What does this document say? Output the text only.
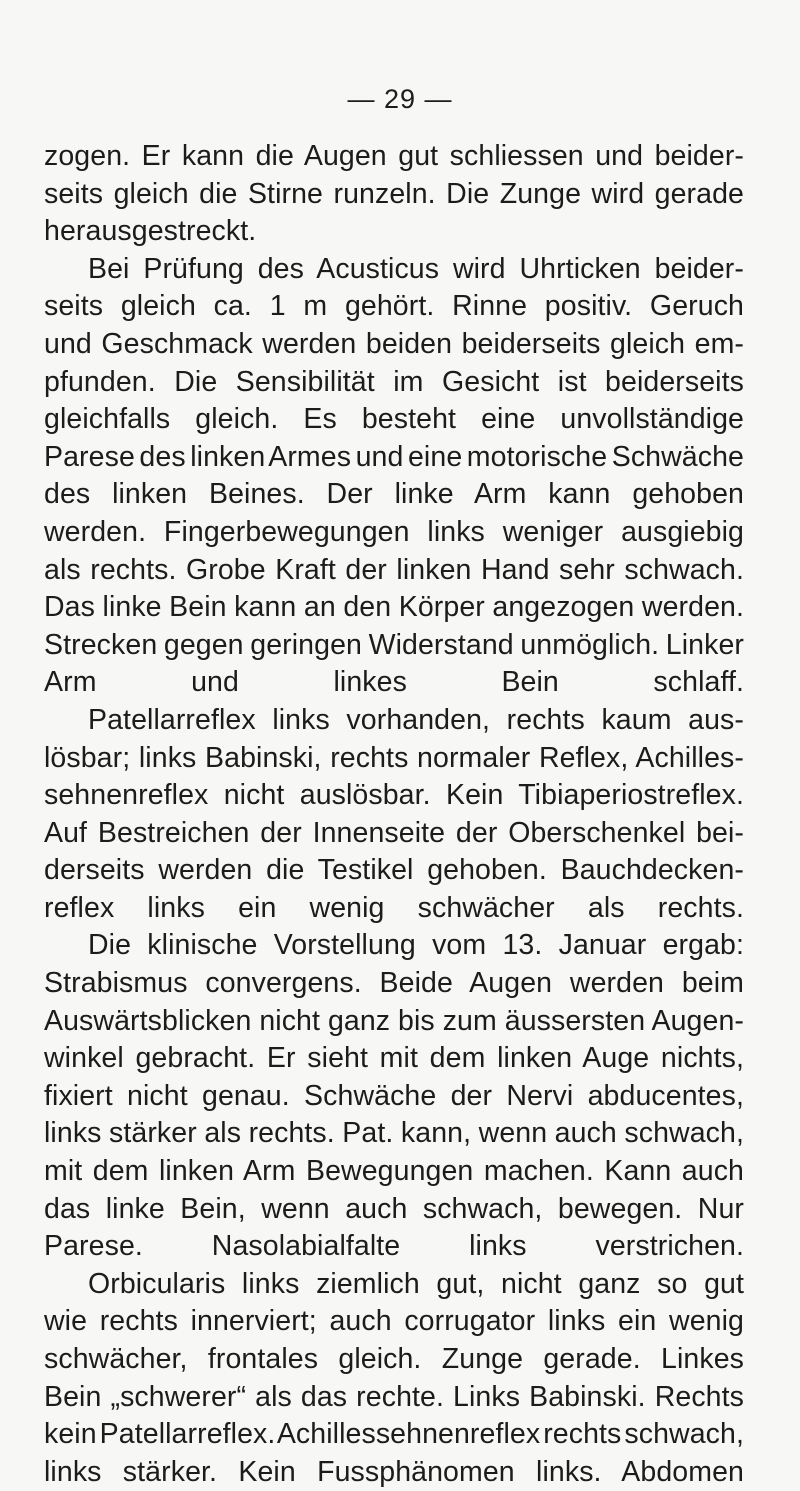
— 29 —
zogen. Er kann die Augen gut schliessen und beider-
seits gleich die Stirne runzeln. Die Zunge wird gerade
herausgestreckt.
Bei Prüfung des Acusticus wird Uhrticken beider-
seits gleich ca. 1 m gehört. Rinne positiv. Geruch
und Geschmack werden beiden beiderseits gleich em-
pfunden. Die Sensibilität im Gesicht ist beiderseits
gleichfalls gleich. Es besteht eine unvollständige
Parese des linken Armes und eine motorische Schwäche
des linken Beines. Der linke Arm kann gehoben
werden. Fingerbewegungen links weniger ausgiebig
als rechts. Grobe Kraft der linken Hand sehr schwach.
Das linke Bein kann an den Körper angezogen werden.
Strecken gegen geringen Widerstand unmöglich. Linker
Arm und linkes Bein schlaff.
Patellarreflex links vorhanden, rechts kaum aus-
lösbar; links Babinski, rechts normaler Reflex, Achilles-
sehnenreflex nicht auslösbar. Kein Tibiaperiostreflex.
Auf Bestreichen der Innenseite der Oberschenkel bei-
derseits werden die Testikel gehoben. Bauchdecken-
reflex links ein wenig schwächer als rechts.
Die klinische Vorstellung vom 13. Januar ergab:
Strabismus convergens. Beide Augen werden beim
Auswärtsblicken nicht ganz bis zum äussersten Augen-
winkel gebracht. Er sieht mit dem linken Auge nichts,
fixiert nicht genau. Schwäche der Nervi abducentes,
links stärker als rechts. Pat. kann, wenn auch schwach,
mit dem linken Arm Bewegungen machen. Kann auch
das linke Bein, wenn auch schwach, bewegen. Nur
Parese. Nasolabialfalte links verstrichen.
Orbicularis links ziemlich gut, nicht ganz so gut
wie rechts innerviert; auch corrugator links ein wenig
schwächer, frontales gleich. Zunge gerade. Linkes
Bein „schwerer“ als das rechte. Links Babinski. Rechts
kein Patellarreflex. Achillessehnenreflex rechts schwach,
links stärker. Kein Fussphänomen links. Abdomen
